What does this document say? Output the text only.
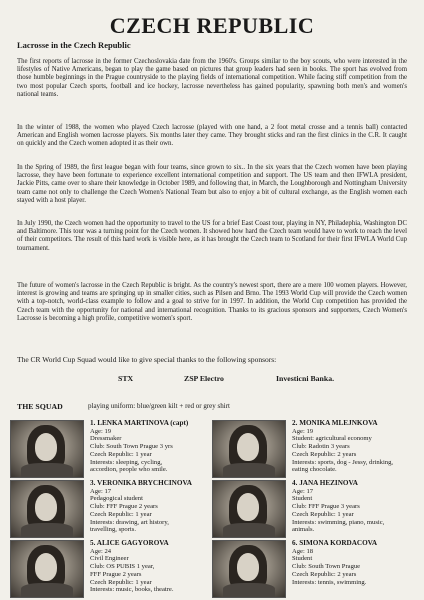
CZECH REPUBLIC
Lacrosse in the Czech Republic

The first reports of lacrosse in the former Czechoslovakia date from the 1960's. Groups similar to the boy scouts, who were interested in the lifestyles of Native Americans, began to play the game based on pictures that group leaders had seen in books. The sport has evolved from those humble beginnings in the Prague countryside to the playing fields of international competition. While facing stiff competition from the two most popular Czech sports, football and ice hockey, lacrosse nevertheless has gained popularity, spawning both men's and women's national teams.

In the winter of 1988, the women who played Czech lacrosse (played with one hand, a 2 foot metal crosse and a tennis ball) contacted American and English women lacrosse players. Six months later they came. They brought sticks and ran the first clinics in the C.R. It caught on quickly and the Czech women adopted it as their own.

In the Spring of 1989, the first league began with four teams, since grown to six.. In the six years that the Czech women have been playing lacrosse, they have been fortunate to experience excellent international competition and support. The US team and then IFWLA president, Jackie Pitts, came over to share their knowledge in October 1989, and following that, in March, the Loughborough and Nottingham University team came not only to challenge the Czech Women's National Team but also to enjoy a bit of cultural exchange, as the English women each stayed with a host player.

In July 1990, the Czech women had the opportunity to travel to the US for a brief East Coast tour, playing in NY, Philadephia, Washington DC and Baltimore. This tour was a turning point for the Czech women. It showed how hard the Czech team would have to work to reach the level of their competitors. The result of this hard work is visible here, as it has brought the Czech team to Scotland for their first IFWLA World Cup tournament.

The future of women's lacrosse in the Czech Republic is bright. As the country's newest sport, there are a mere 100 women players. However, interest is growing and teams are springing up in smaller cities, such as Pilsen and Brno. The 1993 World Cup will provide the Czech women with a top-notch, world-class example to follow and a goal to strive for in 1997. In addition, the World Cup competition has provided the Czech team with the opportunity for national and international recognition. Thanks to its gracious sponsors and supporters, Czech Women's Lacrosse is becoming a high profile, competitive women's sport.

The CR World Cup Squad would like to give special thanks to the following sponsors:
STX	ZSP Electro	Investicni Banka.
THE SQUAD	playing uniform: blue/green kilt + red or grey shirt
1. LENKA MARTINOVA (capt)
Age: 19
Dressmaker
Club: South Town Prague 3 yrs
Czech Republic: 1 year
Interests: sleeping, cycling,
accordion, people who smile.
2. MONIKA MLEJNKOVA
Age: 19
Student: agricultural economy
Club: Radotin 3 years
Czech Republic: 2 years
Interests: sports, dog - Jessy, drinking,
eating chocolate.
3. VERONIKA BRYCHCINOVA
Age: 17
Pedagogical student
Club: FFF Prague 2 years
Czech Republic: 1 year
Interests: drawing, art history,
travelling, sports.
4. JANA HEZINOVA
Age: 17
Student
Club: FFF Prague 3 years
Czech Republic: 1 year
Interests: swimming, piano, music,
animals.
5. ALICE GAGYOROVA
Age: 24
Civil Engineer
Club: OS PUBIS 1 year,
FFF Prague 2 years
Czech Republic: 1 year
Interests: music, books, theatre.
6. SIMONA KORDACOVA
Age: 18
Student
Club: South Town Prague
Czech Republic: 2 years
Interests: tennis, swimming.
